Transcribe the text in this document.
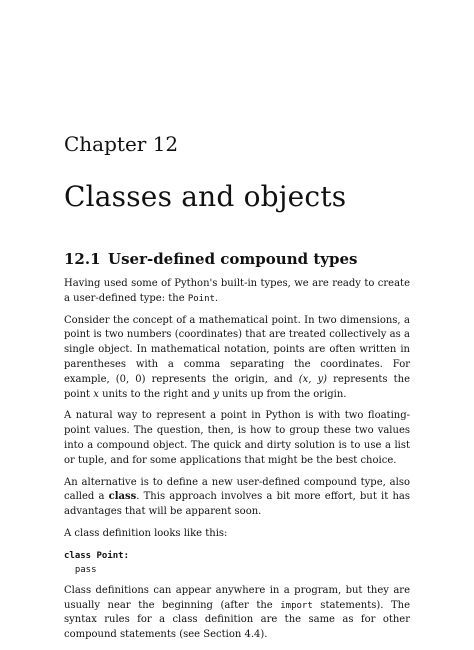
Chapter 12
Classes and objects
12.1 User-defined compound types

Having used some of Python's built-in types, we are ready to create a user-defined type: the Point.

Consider the concept of a mathematical point. In two dimensions, a point is two numbers (coordinates) that are treated collectively as a single object. In mathematical notation, points are often written in parentheses with a comma separating the coordinates. For example, (0, 0) represents the origin, and (x, y) represents the point x units to the right and y units up from the origin.

A natural way to represent a point in Python is with two floating-point values. The question, then, is how to group these two values into a compound object. The quick and dirty solution is to use a list or tuple, and for some applications that might be the best choice.

An alternative is to define a new user-defined compound type, also called a class. This approach involves a bit more effort, but it has advantages that will be apparent soon.

A class definition looks like this:

class Point:
pass

Class definitions can appear anywhere in a program, but they are usually near the beginning (after the import statements). The syntax rules for a class definition are the same as for other compound statements (see Section 4.4).
